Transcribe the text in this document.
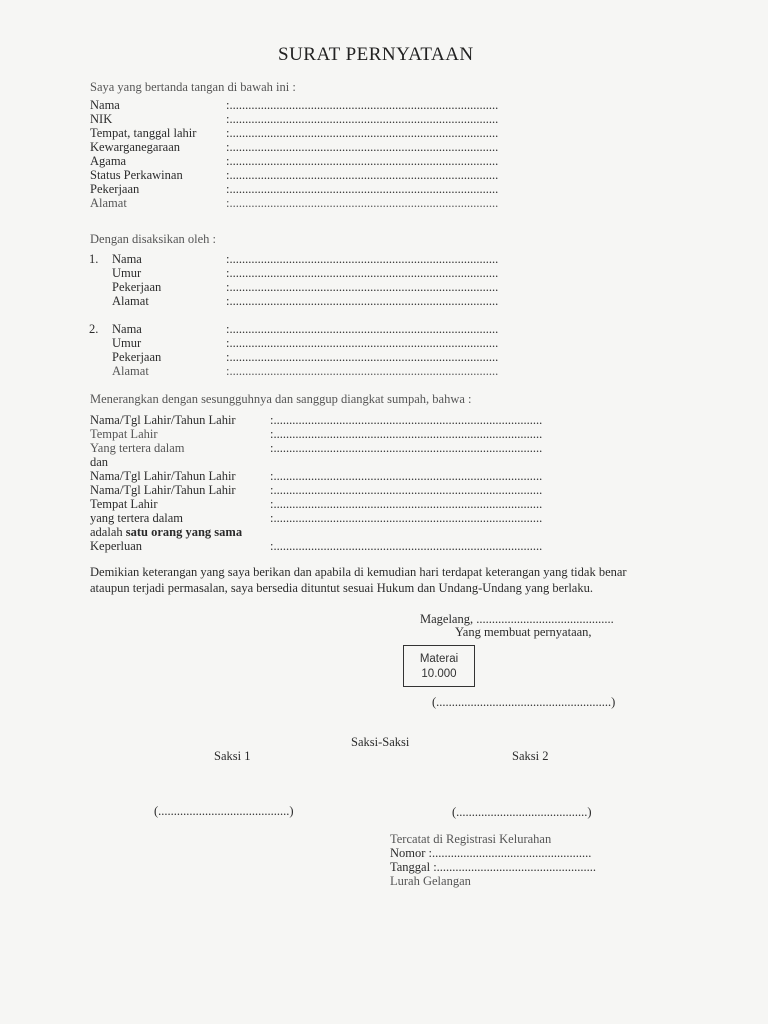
SURAT PERNYATAAN
Saya yang bertanda tangan di bawah ini :
Nama	:......................................................................................
NIK	:......................................................................................
Tempat, tanggal lahir :......................................................................................
Kewarganegaraan	:......................................................................................
Agama	:......................................................................................
Status Perkawinan	:......................................................................................
Pekerjaan	:......................................................................................
Alamat	:......................................................................................
Dengan disaksikan oleh :
1. Nama	:......................................................................................
Umur	:......................................................................................
Pekerjaan	:......................................................................................
Alamat	:......................................................................................
2. Nama	:......................................................................................
Umur	:......................................................................................
Pekerjaan	:......................................................................................
Alamat	:......................................................................................
Menerangkan dengan sesungguhnya dan sanggup diangkat sumpah, bahwa :
Nama/Tgl Lahir/Tahun Lahir	:......................................................................................
Tempat Lahir	:......................................................................................
Yang tertera dalam	:......................................................................................
dan
Nama/Tgl Lahir/Tahun Lahir	:......................................................................................
Nama/Tgl Lahir/Tahun Lahir	:......................................................................................
Tempat Lahir	:......................................................................................
yang tertera dalam	:......................................................................................
adalah satu orang yang sama
Keperluan	:......................................................................................
Demikian keterangan yang saya berikan dan apabila di kemudian hari terdapat keterangan yang tidak benar
ataupun terjadi permasalan, saya bersedia dituntut sesuai Hukum dan Undang-Undang yang berlaku.
Magelang, ............................................
Yang membuat pernyataan,
Materai
10.000
(........................................................)
Saksi-Saksi
Saksi 1	Saksi 2
(..........................................)	(..........................................)
Tercatat di Registrasi Kelurahan
Nomor :...................................................
Tanggal :...................................................
Lurah Gelangan
